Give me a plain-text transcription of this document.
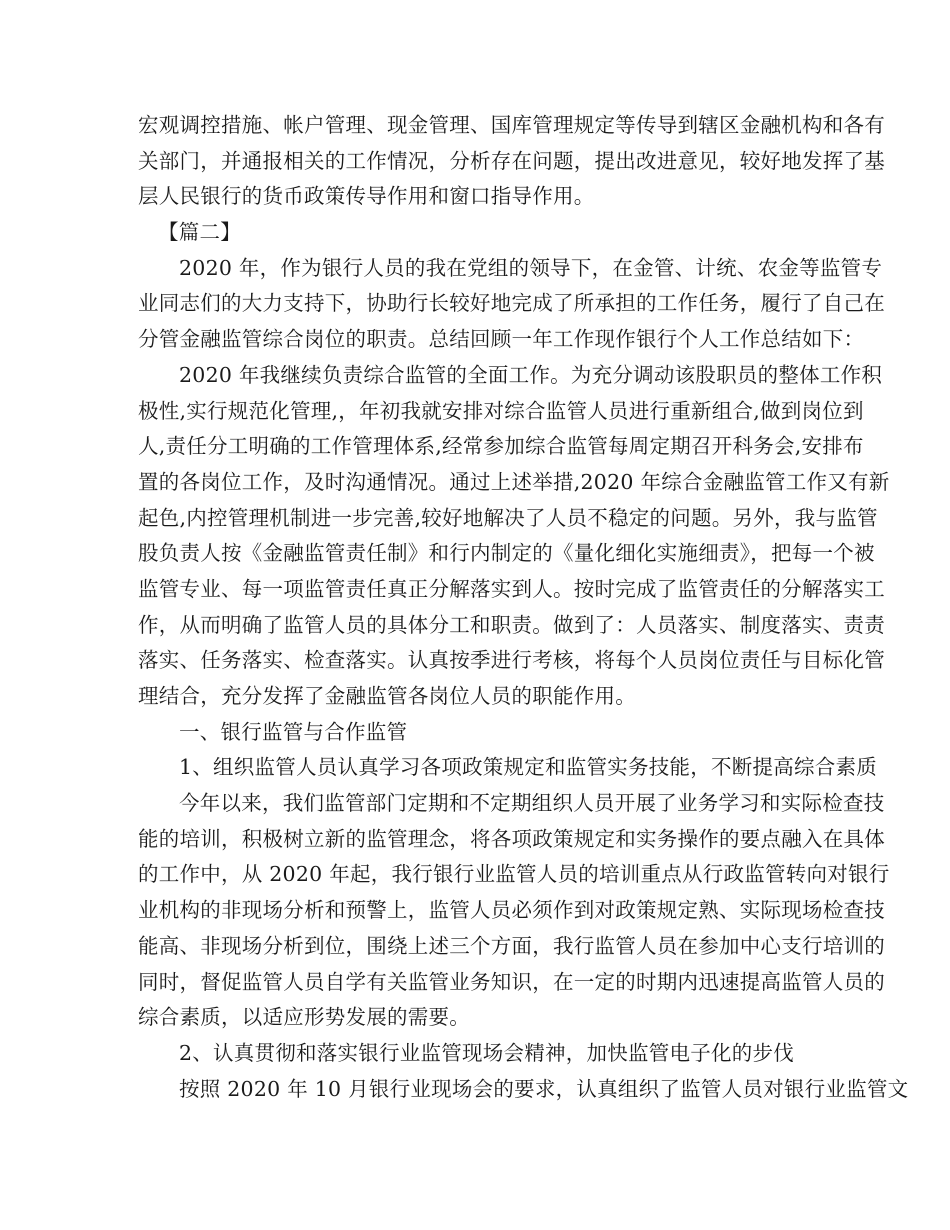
宏观调控措施、帐户管理、现金管理、国库管理规定等传导到辖区金融机构和各有
关部门，并通报相关的工作情况，分析存在问题，提出改进意见，较好地发挥了基
层人民银行的货币政策传导作用和窗口指导作用。
【篇二】
2020 年，作为银行人员的我在党组的领导下，在金管、计统、农金等监管专
业同志们的大力支持下，协助行长较好地完成了所承担的工作任务，履行了自己在
分管金融监管综合岗位的职责。总结回顾一年工作现作银行个人工作总结如下：
2020 年我继续负责综合监管的全面工作。为充分调动该股职员的整体工作积
极性,实行规范化管理,，年初我就安排对综合监管人员进行重新组合,做到岗位到
人,责任分工明确的工作管理体系,经常参加综合监管每周定期召开科务会,安排布
置的各岗位工作，及时沟通情况。通过上述举措,2020 年综合金融监管工作又有新
起色,内控管理机制进一步完善,较好地解决了人员不稳定的问题。另外，我与监管
股负责人按《金融监管责任制》和行内制定的《量化细化实施细责》，把每一个被
监管专业、每一项监管责任真正分解落实到人。按时完成了监管责任的分解落实工
作，从而明确了监管人员的具体分工和职责。做到了：人员落实、制度落实、责责
落实、任务落实、检查落实。认真按季进行考核，将每个人员岗位责任与目标化管
理结合，充分发挥了金融监管各岗位人员的职能作用。
一、银行监管与合作监管
1、组织监管人员认真学习各项政策规定和监管实务技能，不断提高综合素质
今年以来，我们监管部门定期和不定期组织人员开展了业务学习和实际检查技
能的培训，积极树立新的监管理念，将各项政策规定和实务操作的要点融入在具体
的工作中，从 2020 年起，我行银行业监管人员的培训重点从行政监管转向对银行
业机构的非现场分析和预警上，监管人员必须作到对政策规定熟、实际现场检查技
能高、非现场分析到位，围绕上述三个方面，我行监管人员在参加中心支行培训的
同时，督促监管人员自学有关监管业务知识，在一定的时期内迅速提高监管人员的
综合素质，以适应形势发展的需要。
2、认真贯彻和落实银行业监管现场会精神，加快监管电子化的步伐
按照 2020 年 10 月银行业现场会的要求，认真组织了监管人员对银行业监管文
